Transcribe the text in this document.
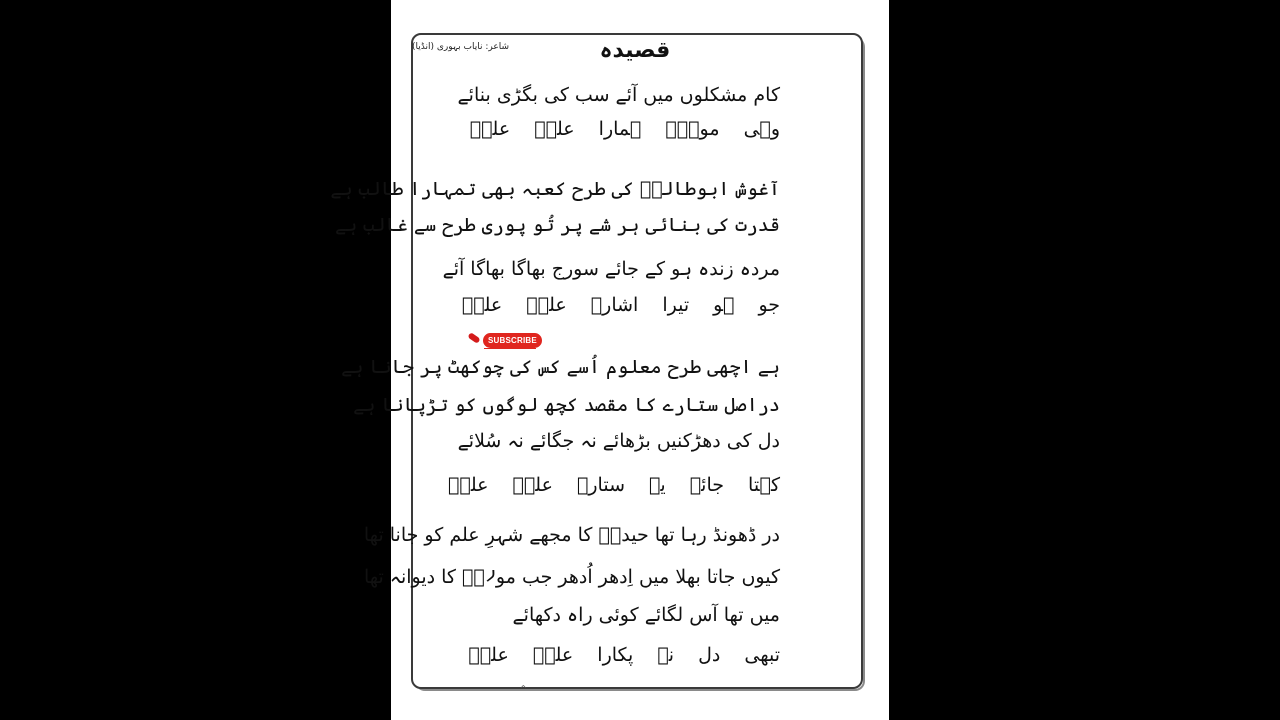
شاعر: نایاب بہوری (انڈیا)	قصیدہ
کام مشکلوں میں آئے سب کی بگڑی بنائے
وہی مولاؑ ہمارا علیؑ علیؑ
آغوش ابوطالبؑ کی طرح کعبہ بھی تمہارا طالب ہے
قدرت کی بنائی ہر شے پر تُو پوری طرح سے غالب ہے
مردہ زندہ ہو کے جائے سورج بھاگا بھاگا آئے
جو ہو تیرا اشارہ علیؑ علیؑ
SUBSCRIBE
ہے اچھی طرح معلوم اُسے کس کی چوکھٹ پر جانا ہے
دراصل ستارے کا مقصد کچھ لوگوں کو تڑپانا ہے
دل کی دھڑکنیں بڑھائے نہ جگائے نہ سُلائے
کہتا جائے یہ ستارہ علیؑ علیؑ
در ڈھونڈ رہا تھا حیدرؑ کا مجھے شہرِ علم کو جانا تھا
کیوں جاتا بھلا میں اِدھر اُدھر جب مولاؑ کا دیوانہ تھا
میں تھا آس لگائے کوئی راہ دکھائے
تبھی دل نے پکارا علیؑ علیؑ
^
